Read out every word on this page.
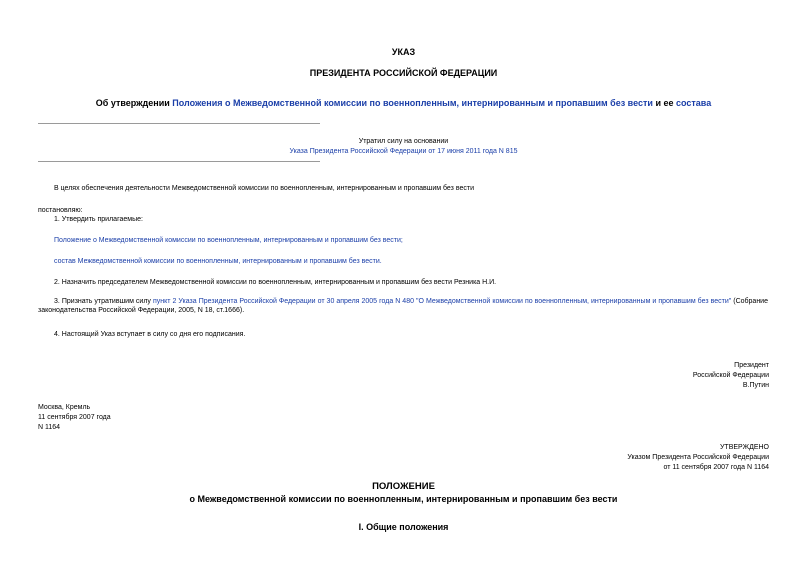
УКАЗ
ПРЕЗИДЕНТА РОССИЙСКОЙ ФЕДЕРАЦИИ
Об утверждении Положения о Межведомственной комиссии по военнопленным, интернированным и пропавшим без вести и ее состава
Утратил силу на основании
Указа Президента Российской Федерации от 17 июня 2011 года N 815
В целях обеспечения деятельности Межведомственной комиссии по военнопленным, интернированным и пропавшим без вести
постановляю:
1. Утвердить прилагаемые:
Положение о Межведомственной комиссии по военнопленным, интернированным и пропавшим без вести;
состав Межведомственной комиссии по военнопленным, интернированным и пропавшим без вести.
2. Назначить председателем Межведомственной комиссии по военнопленным, интернированным и пропавшим без вести Резника Н.И.
3. Признать утратившим силу пункт 2 Указа Президента Российской Федерации от 30 апреля 2005 года N 480 "О Межведомственной комиссии по военнопленным, интернированным и пропавшим без вести" (Собрание законодательства Российской Федерации, 2005, N 18, ст.1666).
4. Настоящий Указ вступает в силу со дня его подписания.
Президент
Российской Федерации
В.Путин
Москва, Кремль
11 сентября 2007 года
N 1164
УТВЕРЖДЕНО
Указом Президента Российской Федерации
от 11 сентября 2007 года N 1164
ПОЛОЖЕНИЕ
о Межведомственной комиссии по военнопленным, интернированным и пропавшим без вести
I. Общие положения
